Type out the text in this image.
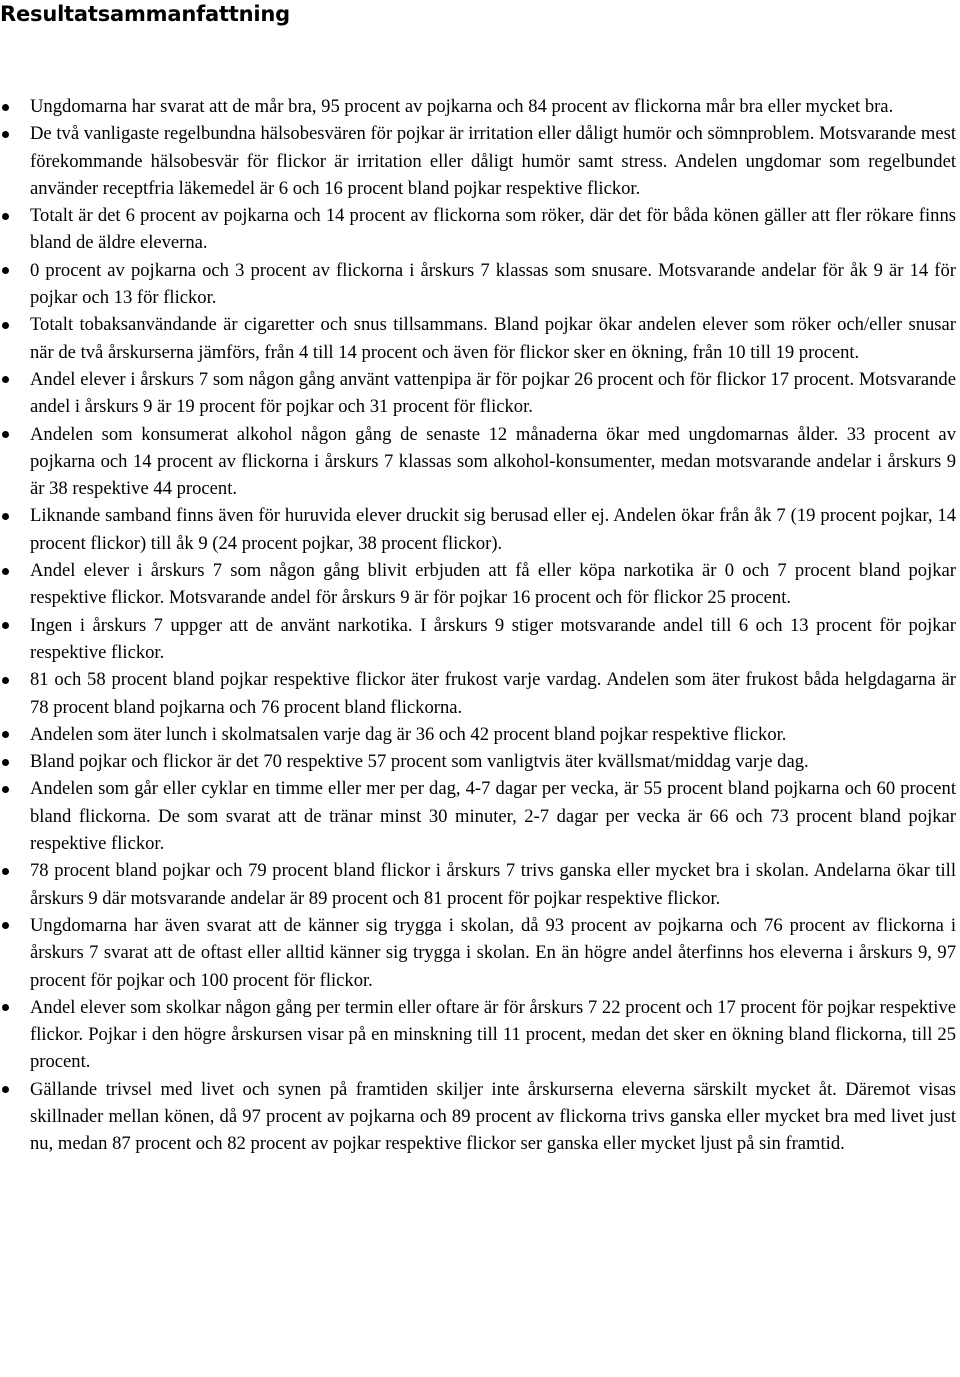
Resultatsammanfattning
Ungdomarna har svarat att de mår bra, 95 procent av pojkarna och 84 procent av flickorna mår bra eller mycket bra.
De två vanligaste regelbundna hälsobesvären för pojkar är irritation eller dåligt humör och sömnproblem. Motsvarande mest förekommande hälsobesvär för flickor är irritation eller dåligt humör samt stress. Andelen ungdomar som regelbundet använder receptfria läkemedel är 6 och 16 procent bland pojkar respektive flickor.
Totalt är det 6 procent av pojkarna och 14 procent av flickorna som röker, där det för båda könen gäller att fler rökare finns bland de äldre eleverna.
0 procent av pojkarna och 3 procent av flickorna i årskurs 7 klassas som snusare. Motsvarande andelar för åk 9 är 14 för pojkar och 13 för flickor.
Totalt tobaksanvändande är cigaretter och snus tillsammans. Bland pojkar ökar andelen elever som röker och/eller snusar när de två årskurserna jämförs, från 4 till 14 procent och även för flickor sker en ökning, från 10 till 19 procent.
Andel elever i årskurs 7 som någon gång använt vattenpipa är för pojkar 26 procent och för flickor 17 procent. Motsvarande andel i årskurs 9 är 19 procent för pojkar och 31 procent för flickor.
Andelen som konsumerat alkohol någon gång de senaste 12 månaderna ökar med ungdomarnas ålder. 33 procent av pojkarna och 14 procent av flickorna i årskurs 7 klassas som alkohol-konsumenter, medan motsvarande andelar i årskurs 9 är 38 respektive 44 procent.
Liknande samband finns även för huruvida elever druckit sig berusad eller ej. Andelen ökar från åk 7 (19 procent pojkar, 14 procent flickor) till åk 9 (24 procent pojkar, 38 procent flickor).
Andel elever i årskurs 7 som någon gång blivit erbjuden att få eller köpa narkotika är 0 och 7 procent bland pojkar respektive flickor. Motsvarande andel för årskurs 9 är för pojkar 16 procent och för flickor 25 procent.
Ingen i årskurs 7 uppger att de använt narkotika. I årskurs 9 stiger motsvarande andel till 6 och 13 procent för pojkar respektive flickor.
81 och 58 procent bland pojkar respektive flickor äter frukost varje vardag. Andelen som äter frukost båda helgdagarna är 78 procent bland pojkarna och 76 procent bland flickorna.
Andelen som äter lunch i skolmatsalen varje dag är 36 och 42 procent bland pojkar respektive flickor.
Bland pojkar och flickor är det 70 respektive 57 procent som vanligtvis äter kvällsmat/middag varje dag.
Andelen som går eller cyklar en timme eller mer per dag, 4-7 dagar per vecka, är 55 procent bland pojkarna och 60 procent bland flickorna. De som svarat att de tränar minst 30 minuter, 2-7 dagar per vecka är 66 och 73 procent bland pojkar respektive flickor.
78 procent bland pojkar och 79 procent bland flickor i årskurs 7 trivs ganska eller mycket bra i skolan. Andelarna ökar till årskurs 9 där motsvarande andelar är 89 procent och 81 procent för pojkar respektive flickor.
Ungdomarna har även svarat att de känner sig trygga i skolan, då 93 procent av pojkarna och 76 procent av flickorna i årskurs 7 svarat att de oftast eller alltid känner sig trygga i skolan. En än högre andel återfinns hos eleverna i årskurs 9, 97 procent för pojkar och 100 procent för flickor.
Andel elever som skolkar någon gång per termin eller oftare är för årskurs 7 22 procent och 17 procent för pojkar respektive flickor. Pojkar i den högre årskursen visar på en minskning till 11 procent, medan det sker en ökning bland flickorna, till 25 procent.
Gällande trivsel med livet och synen på framtiden skiljer inte årskurserna eleverna särskilt mycket åt. Däremot visas skillnader mellan könen, då 97 procent av pojkarna och 89 procent av flickorna trivs ganska eller mycket bra med livet just nu, medan 87 procent och 82 procent av pojkar respektive flickor ser ganska eller mycket ljust på sin framtid.
